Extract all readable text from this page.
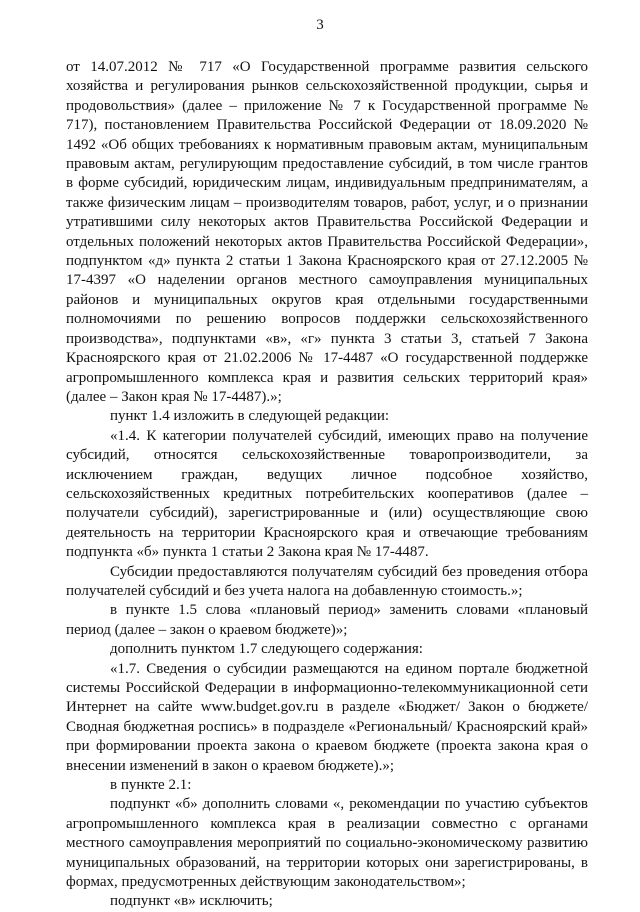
3

от 14.07.2012 № 717 «О Государственной программе развития сельского хозяйства и регулирования рынков сельскохозяйственной продукции, сырья и продовольствия» (далее – приложение № 7 к Государственной программе № 717), постановлением Правительства Российской Федерации от 18.09.2020 № 1492 «Об общих требованиях к нормативным правовым актам, муниципальным правовым актам, регулирующим предоставление субсидий, в том числе грантов в форме субсидий, юридическим лицам, индивидуальным предпринимателям, а также физическим лицам – производителям товаров, работ, услуг, и о признании утратившими силу некоторых актов Правительства Российской Федерации и отдельных положений некоторых актов Правительства Российской Федерации», подпунктом «д» пункта 2 статьи 1 Закона Красноярского края от 27.12.2005 № 17-4397 «О наделении органов местного самоуправления муниципальных районов и муниципальных округов края отдельными государственными полномочиями по решению вопросов поддержки сельскохозяйственного производства», подпунктами «в», «г» пункта 3 статьи 3, статьей 7 Закона Красноярского края от 21.02.2006 № 17-4487 «О государственной поддержке агропромышленного комплекса края и развития сельских территорий края» (далее – Закон края № 17-4487).»;

пункт 1.4 изложить в следующей редакции:

«1.4. К категории получателей субсидий, имеющих право на получение субсидий, относятся сельскохозяйственные товаропроизводители, за исключением граждан, ведущих личное подсобное хозяйство, сельскохозяйственных кредитных потребительских кооперативов (далее – получатели субсидий), зарегистрированные и (или) осуществляющие свою деятельность на территории Красноярского края и отвечающие требованиям подпункта «б» пункта 1 статьи 2 Закона края № 17-4487.

Субсидии предоставляются получателям субсидий без проведения отбора получателей субсидий и без учета налога на добавленную стоимость.»;

в пункте 1.5 слова «плановый период» заменить словами «плановый период (далее – закон о краевом бюджете)»;

дополнить пунктом 1.7 следующего содержания:

«1.7. Сведения о субсидии размещаются на едином портале бюджетной системы Российской Федерации в информационно-телекоммуникационной сети Интернет на сайте www.budget.gov.ru в разделе «Бюджет/ Закон о бюджете/ Сводная бюджетная роспись» в подразделе «Региональный/ Красноярский край» при формировании проекта закона о краевом бюджете (проекта закона края о внесении изменений в закон о краевом бюджете).»;

в пункте 2.1:

подпункт «б» дополнить словами «, рекомендации по участию субъектов агропромышленного комплекса края в реализации совместно с органами местного самоуправления мероприятий по социально-экономическому развитию муниципальных образований, на территории которых они зарегистрированы, в формах, предусмотренных действующим законодательством»;

подпункт «в» исключить;
